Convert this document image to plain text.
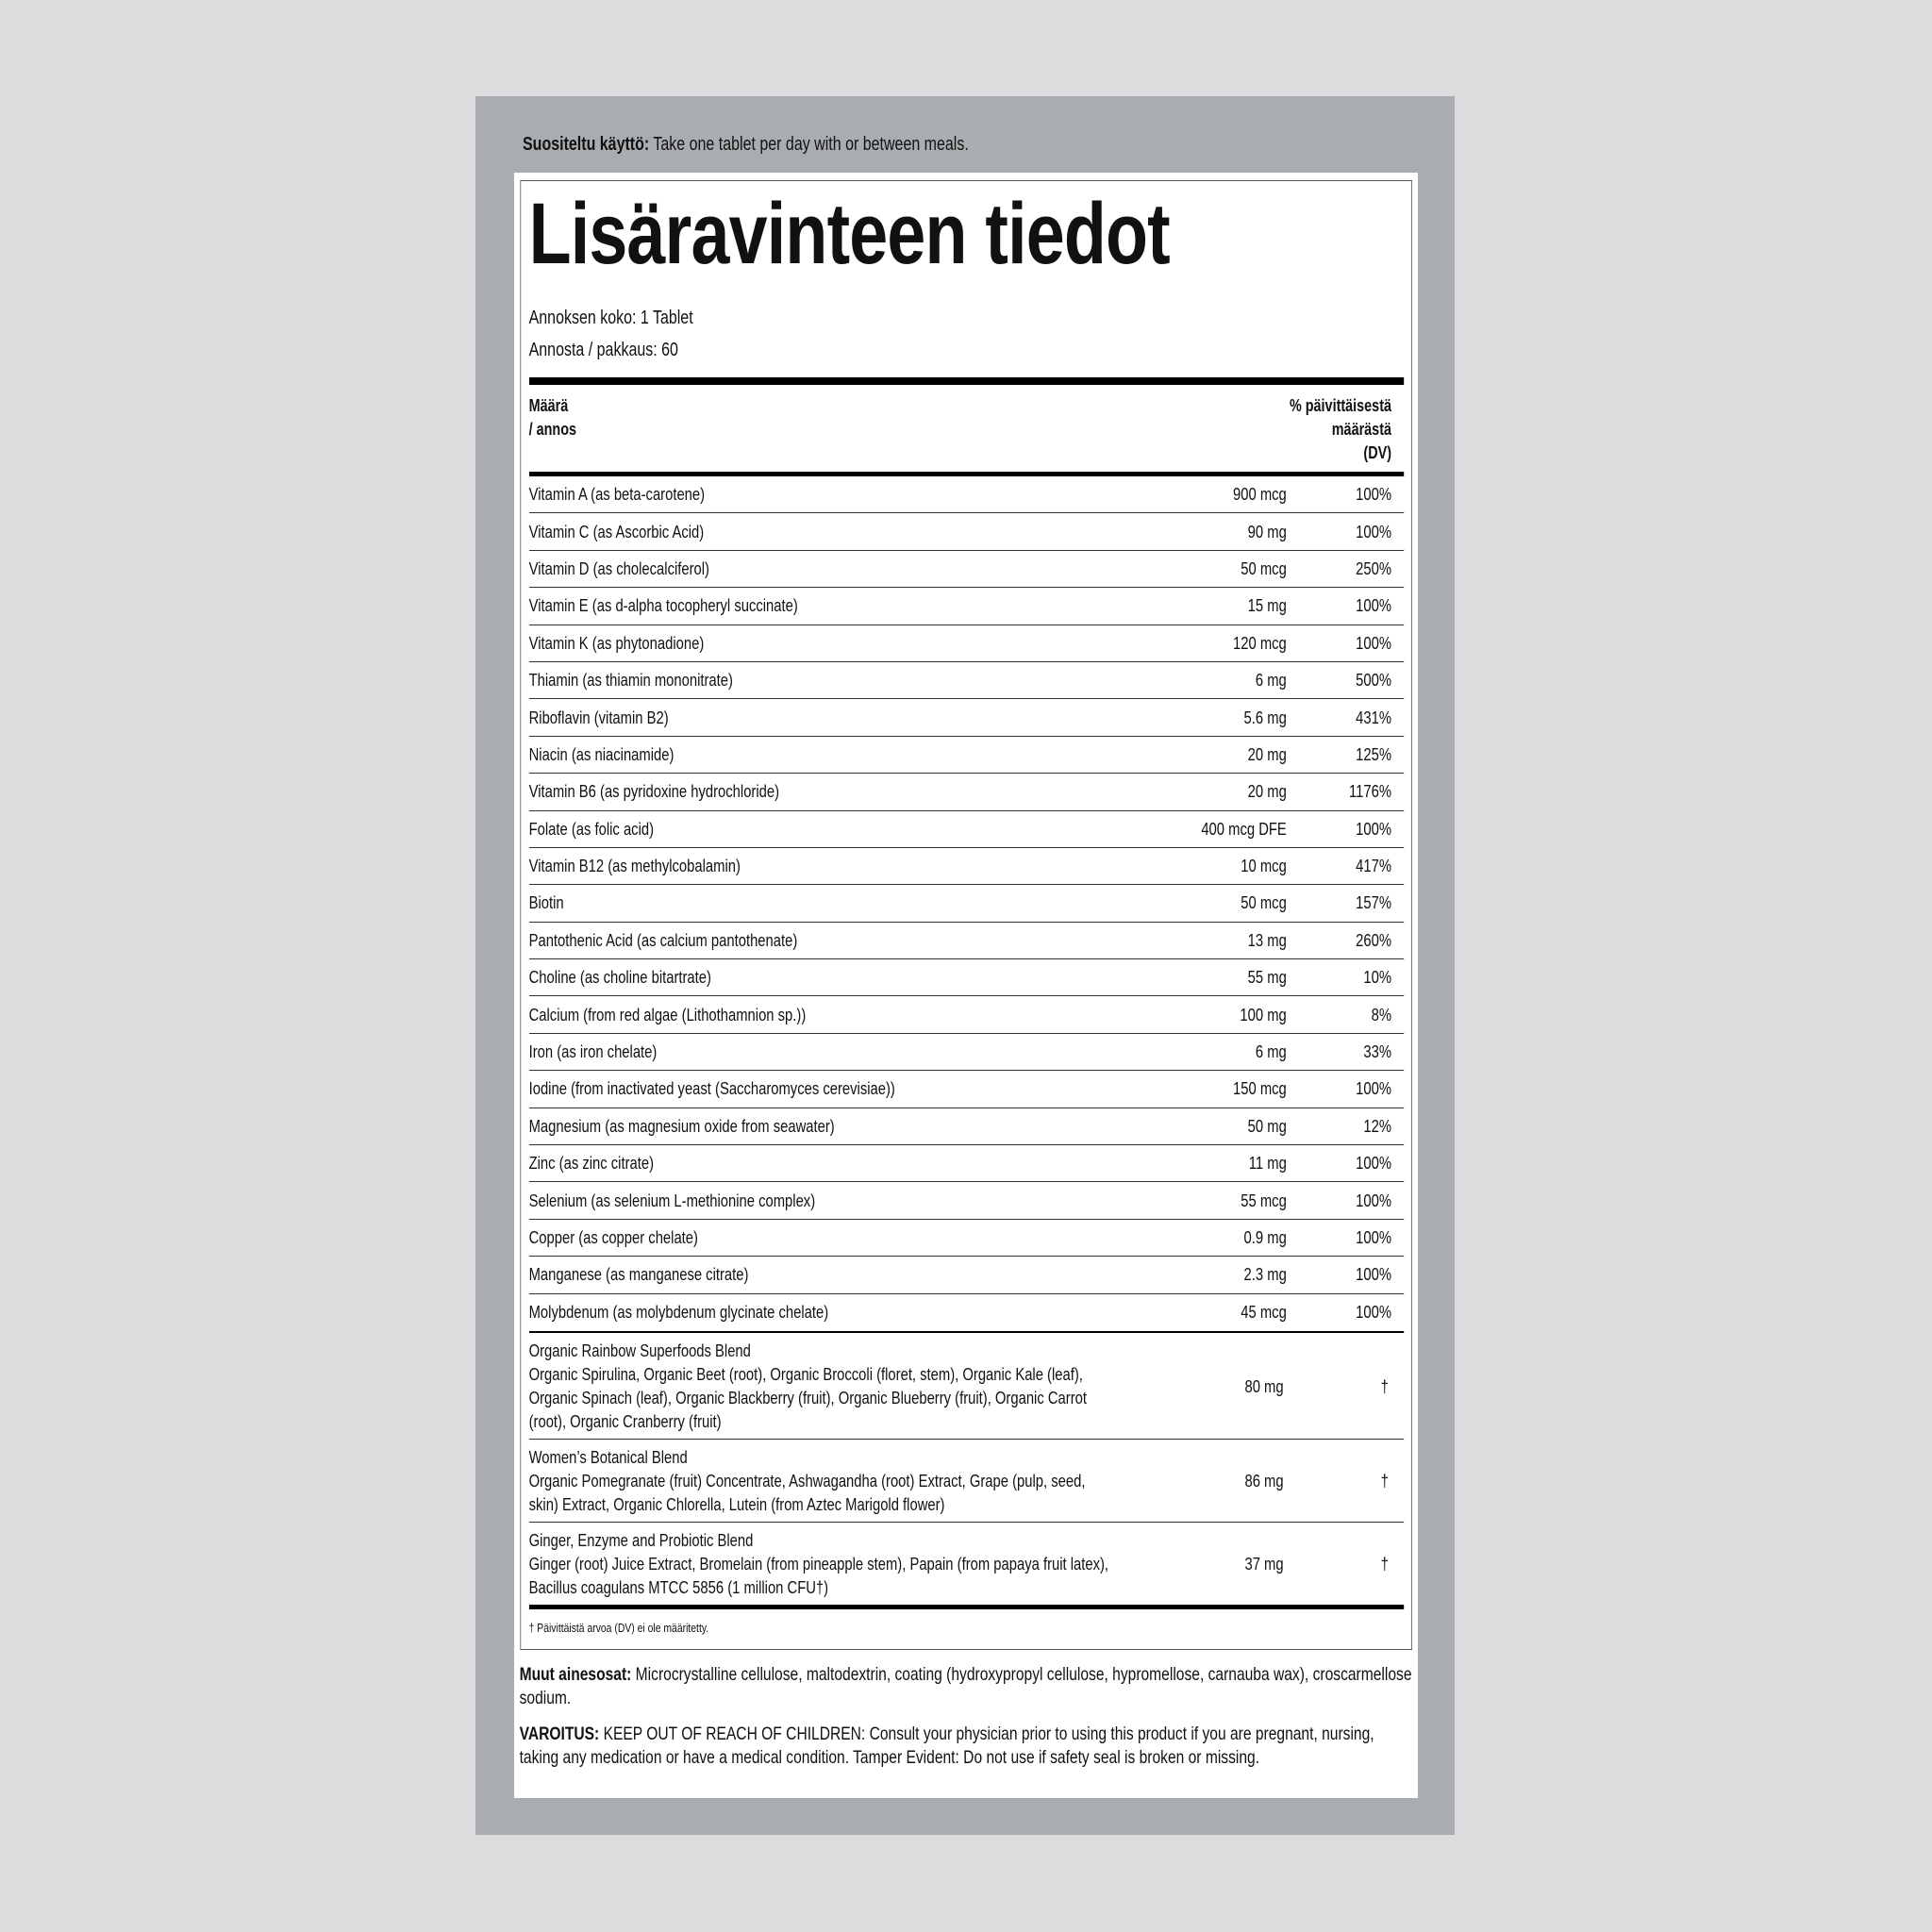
Suositeltu käyttö: Take one tablet per day with or between meals.
Lisäravinteen tiedot
Annoksen koko: 1 Tablet
Annosta / pakkaus: 60
Määrä
/ annos
% päivittäisestä
määrästä
(DV)
Vitamin A (as beta-carotene)	900 mcg	100%
Vitamin C (as Ascorbic Acid)	90 mg	100%
Vitamin D (as cholecalciferol)	50 mcg	250%
Vitamin E (as d-alpha tocopheryl succinate)	15 mg	100%
Vitamin K (as phytonadione)	120 mcg	100%
Thiamin (as thiamin mononitrate)	6 mg	500%
Riboflavin (vitamin B2)	5.6 mg	431%
Niacin (as niacinamide)	20 mg	125%
Vitamin B6 (as pyridoxine hydrochloride)	20 mg	1176%
Folate (as folic acid)	400 mcg DFE	100%
Vitamin B12 (as methylcobalamin)	10 mcg	417%
Biotin	50 mcg	157%
Pantothenic Acid (as calcium pantothenate)	13 mg	260%
Choline (as choline bitartrate)	55 mg	10%
Calcium (from red algae (Lithothamnion sp.))	100 mg	8%
Iron (as iron chelate)	6 mg	33%
Iodine (from inactivated yeast (Saccharomyces cerevisiae))	150 mcg	100%
Magnesium (as magnesium oxide from seawater)	50 mg	12%
Zinc (as zinc citrate)	11 mg	100%
Selenium (as selenium L-methionine complex)	55 mcg	100%
Copper (as copper chelate)	0.9 mg	100%
Manganese (as manganese citrate)	2.3 mg	100%
Molybdenum (as molybdenum glycinate chelate)	45 mcg	100%
Organic Rainbow Superfoods Blend
Organic Spirulina, Organic Beet (root), Organic Broccoli (floret, stem), Organic Kale (leaf), Organic Spinach (leaf), Organic Blackberry (fruit), Organic Blueberry (fruit), Organic Carrot (root), Organic Cranberry (fruit)
80 mg	†
Women’s Botanical Blend
Organic Pomegranate (fruit) Concentrate, Ashwagandha (root) Extract, Grape (pulp, seed, skin) Extract, Organic Chlorella, Lutein (from Aztec Marigold flower)
86 mg	†
Ginger, Enzyme and Probiotic Blend
Ginger (root) Juice Extract, Bromelain (from pineapple stem), Papain (from papaya fruit latex), Bacillus coagulans MTCC 5856 (1 million CFU†)
37 mg	†
† Päivittäistä arvoa (DV) ei ole määritetty.

Muut ainesosat: Microcrystalline cellulose, maltodextrin, coating (hydroxypropyl cellulose, hypromellose, carnauba wax), croscarmellose sodium.

VAROITUS: KEEP OUT OF REACH OF CHILDREN: Consult your physician prior to using this product if you are pregnant, nursing, taking any medication or have a medical condition. Tamper Evident: Do not use if safety seal is broken or missing.
